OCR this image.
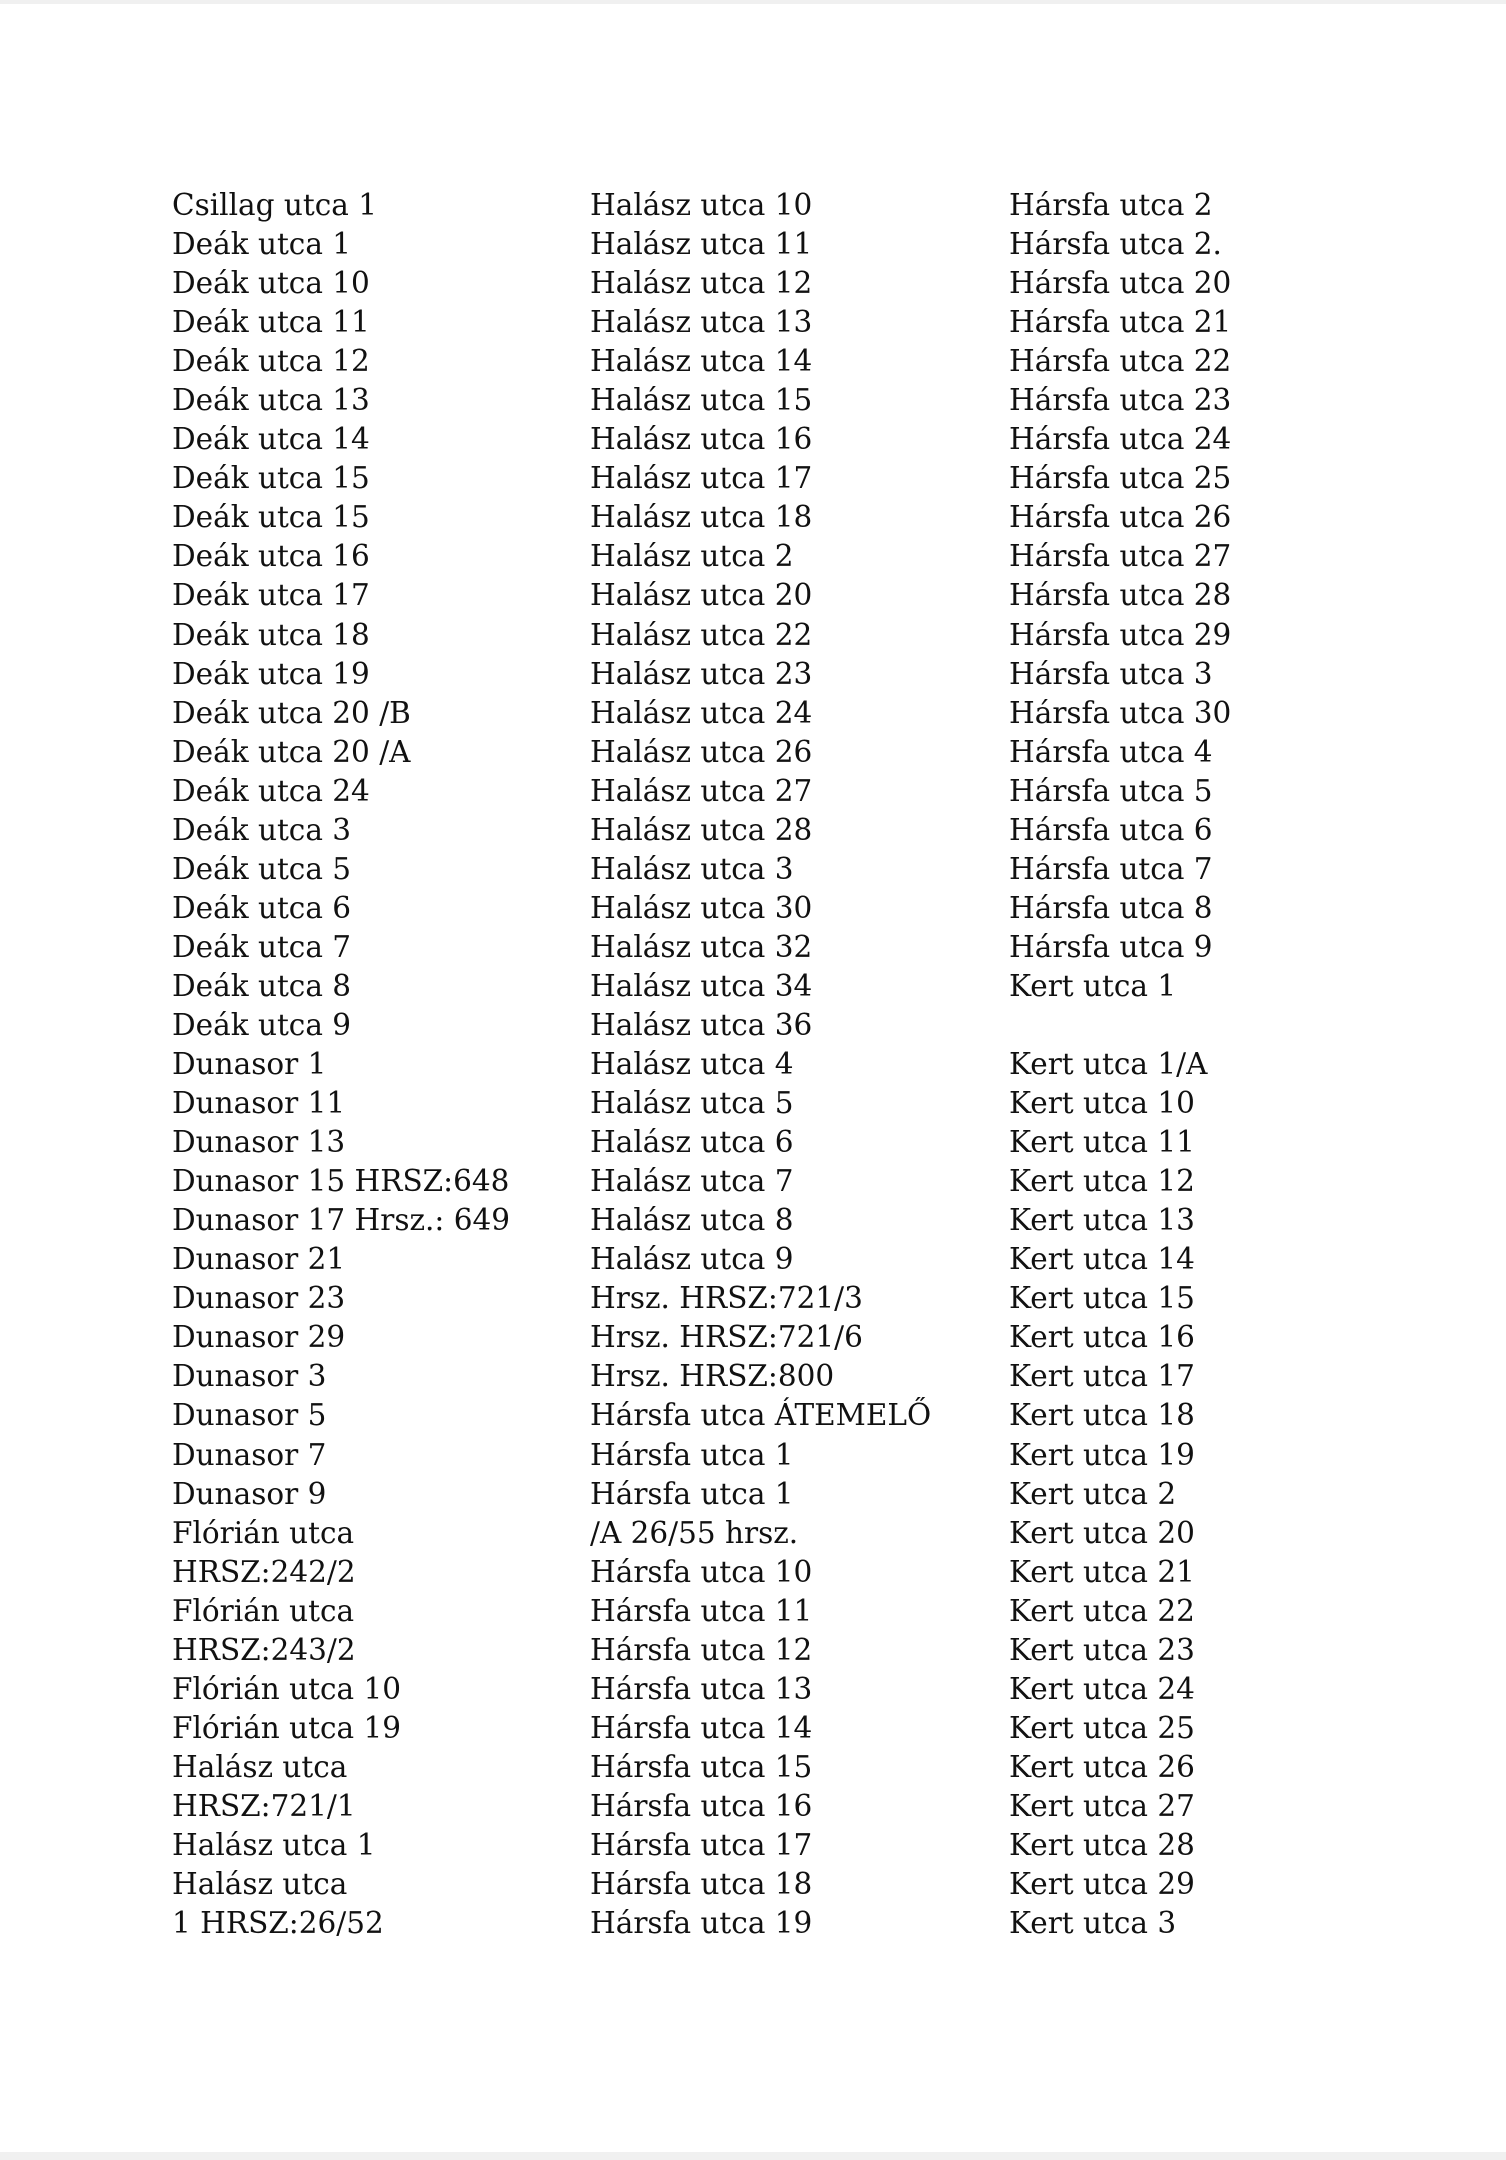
Csillag utca 1
Deák utca 1
Deák utca 10
Deák utca 11
Deák utca 12
Deák utca 13
Deák utca 14
Deák utca 15
Deák utca 15
Deák utca 16
Deák utca 17
Deák utca 18
Deák utca 19
Deák utca 20 /B
Deák utca 20 /A
Deák utca 24
Deák utca 3
Deák utca 5
Deák utca 6
Deák utca 7
Deák utca 8
Deák utca 9
Dunasor 1
Dunasor 11
Dunasor 13
Dunasor 15 HRSZ:648
Dunasor 17 Hrsz.: 649
Dunasor 21
Dunasor 23
Dunasor 29
Dunasor 3
Dunasor 5
Dunasor 7
Dunasor 9
Flórián utca
HRSZ:242/2
Flórián utca
HRSZ:243/2
Flórián utca 10
Flórián utca 19
Halász utca
HRSZ:721/1
Halász utca 1
Halász utca
1 HRSZ:26/52
Halász utca 10
Halász utca 11
Halász utca 12
Halász utca 13
Halász utca 14
Halász utca 15
Halász utca 16
Halász utca 17
Halász utca 18
Halász utca 2
Halász utca 20
Halász utca 22
Halász utca 23
Halász utca 24
Halász utca 26
Halász utca 27
Halász utca 28
Halász utca 3
Halász utca 30
Halász utca 32
Halász utca 34
Halász utca 36
Halász utca 4
Halász utca 5
Halász utca 6
Halász utca 7
Halász utca 8
Halász utca 9
Hrsz. HRSZ:721/3
Hrsz. HRSZ:721/6
Hrsz. HRSZ:800
Hársfa utca ÁTEMELŐ
Hársfa utca 1
Hársfa utca 1
/A 26/55 hrsz.
Hársfa utca 10
Hársfa utca 11
Hársfa utca 12
Hársfa utca 13
Hársfa utca 14
Hársfa utca 15
Hársfa utca 16
Hársfa utca 17
Hársfa utca 18
Hársfa utca 19
Hársfa utca 2
Hársfa utca 2.
Hársfa utca 20
Hársfa utca 21
Hársfa utca 22
Hársfa utca 23
Hársfa utca 24
Hársfa utca 25
Hársfa utca 26
Hársfa utca 27
Hársfa utca 28
Hársfa utca 29
Hársfa utca 3
Hársfa utca 30
Hársfa utca 4
Hársfa utca 5
Hársfa utca 6
Hársfa utca 7
Hársfa utca 8
Hársfa utca 9
Kert utca 1
Kert utca 1/A
Kert utca 10
Kert utca 11
Kert utca 12
Kert utca 13
Kert utca 14
Kert utca 15
Kert utca 16
Kert utca 17
Kert utca 18
Kert utca 19
Kert utca 2
Kert utca 20
Kert utca 21
Kert utca 22
Kert utca 23
Kert utca 24
Kert utca 25
Kert utca 26
Kert utca 27
Kert utca 28
Kert utca 29
Kert utca 3
